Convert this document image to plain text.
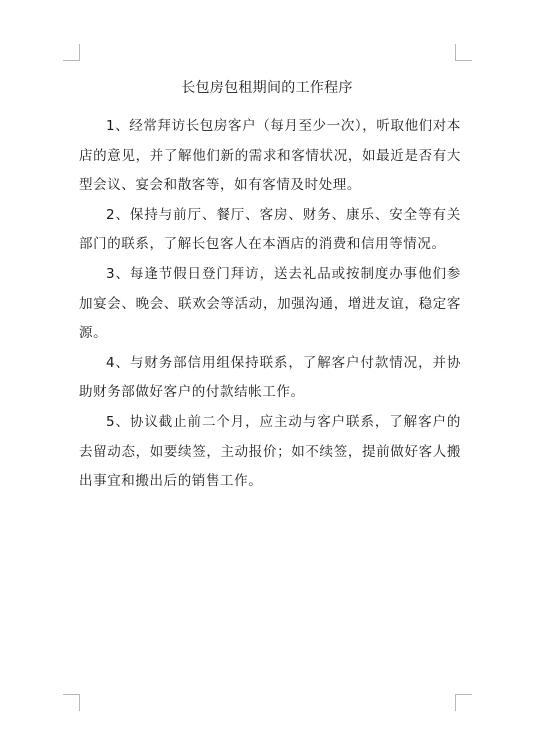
长包房包租期间的工作程序

1、经常拜访长包房客户（每月至少一次），听取他们对本店的意见，并了解他们新的需求和客情状况，如最近是否有大型会议、宴会和散客等，如有客情及时处理。

2、保持与前厅、餐厅、客房、财务、康乐、安全等有关部门的联系，了解长包客人在本酒店的消费和信用等情况。

3、每逢节假日登门拜访，送去礼品或按制度办事他们参加宴会、晚会、联欢会等活动，加强沟通，增进友谊，稳定客源。

4、与财务部信用组保持联系，了解客户付款情况，并协助财务部做好客户的付款结帐工作。

5、协议截止前二个月，应主动与客户联系，了解客户的去留动态，如要续签，主动报价；如不续签，提前做好客人搬出事宜和搬出后的销售工作。
